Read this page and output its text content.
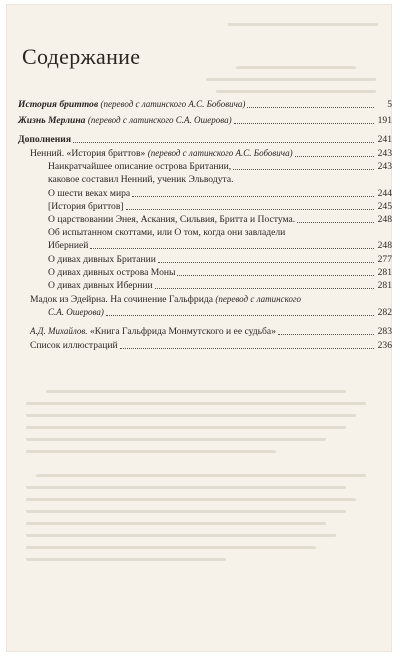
Содержание
История бриттов (перевод с латинского А.С. Бобовича)	5
Жизнь Мерлина (перевод с латинского С.А. Ошерова)	191
Дополнения	241
Ненний. «История бриттов» (перевод с латинского А.С. Бобовича)	243
Наикратчайшее описание острова Британии,	243
каковое составил Ненний, ученик Эльводута.
О шести веках мира	244
[История бриттов]	245
О царствовании Энея, Аскания, Сильвия, Бритта и Постума.	248
Об испытанном скоттами, или О том, когда они завладели
Иберниeй	248
О дивах дивных Британии	277
О дивах дивных острова Моны	281
О дивах дивных Ибернии	281
Мадок из Эдейрна. На сочинение Гальфрида (перевод с латинского
С.А. Ошерова)	282
А.Д. Михайлов. «Книга Гальфрида Монмутского и ее судьба»	283
Список иллюстраций	236
